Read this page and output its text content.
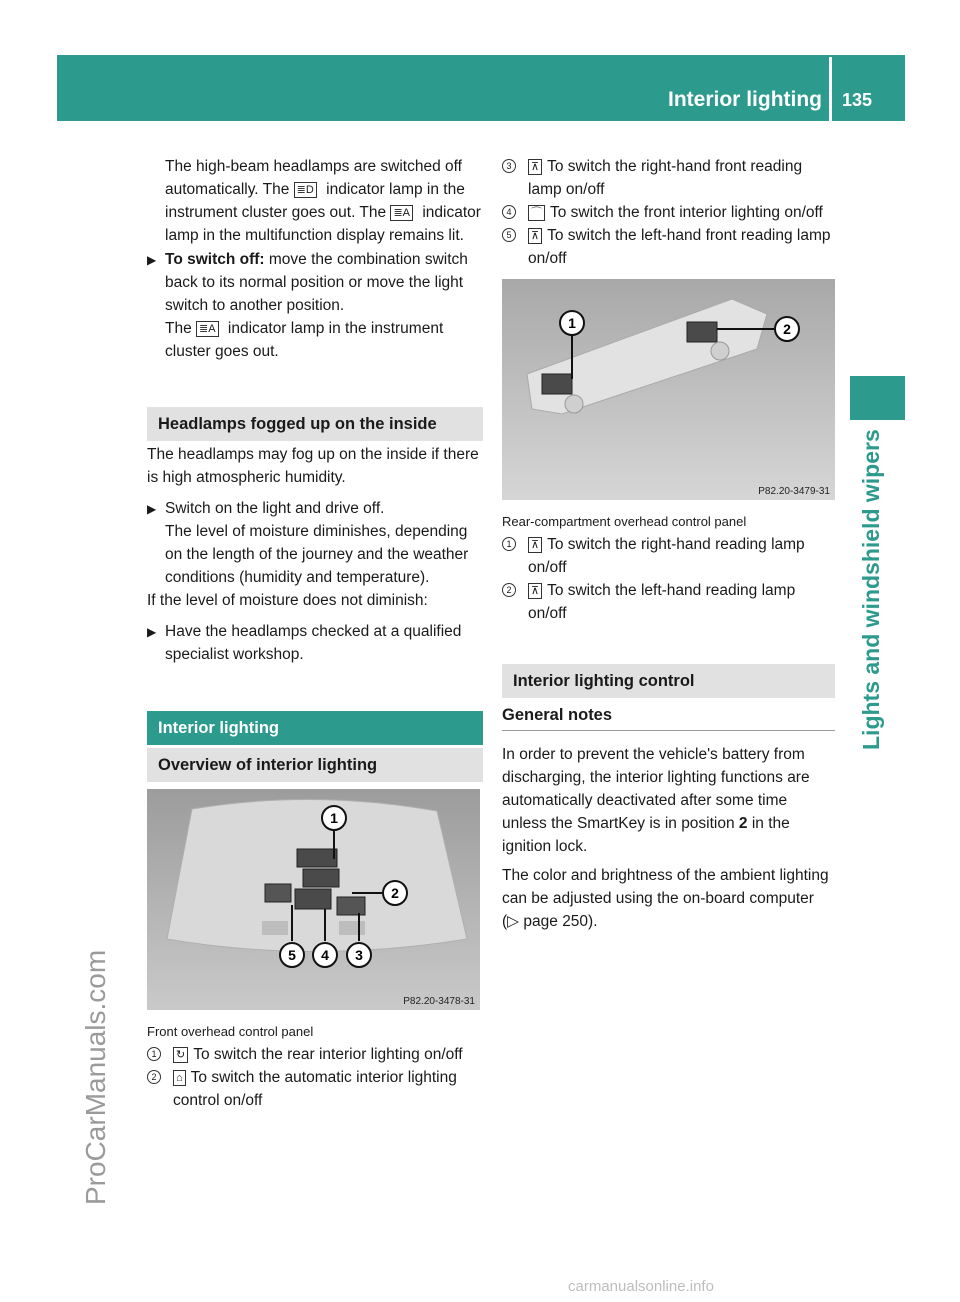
Interior lighting 135
Lights and windshield wipers
ProCarManuals.com

The high-beam headlamps are switched off automatically. The ≣D indicator lamp in the instrument cluster goes out. The ≣A indicator lamp in the multifunction display remains lit.

▶ To switch off: move the combination switch back to its normal position or move the light switch to another position.
The ≣A indicator lamp in the instrument cluster goes out.
Headlamps fogged up on the inside

The headlamps may fog up on the inside if there is high atmospheric humidity.

▶ Switch on the light and drive off.
The level of moisture diminishes, depending on the length of the journey and the weather conditions (humidity and temperature).

If the level of moisture does not diminish:

▶ Have the headlamps checked at a qualified specialist workshop.
Interior lighting
Overview of interior lighting
1
2
5 4 3
P82.20-3478-31

Front overhead control panel

1	↻ To switch the rear interior lighting on/off
2	⌂ To switch the automatic interior lighting control on/off
3	⊼ To switch the right-hand front reading lamp on/off
4	⌒ To switch the front interior lighting on/off
5	⊼ To switch the left-hand front reading lamp on/off
1	2
P82.20-3479-31

Rear-compartment overhead control panel

1	⊼ To switch the right-hand reading lamp on/off
2	⊼ To switch the left-hand reading lamp on/off
Interior lighting control
General notes

In order to prevent the vehicle's battery from discharging, the interior lighting functions are automatically deactivated after some time unless the SmartKey is in position 2 in the ignition lock.

The color and brightness of the ambient lighting can be adjusted using the on-board computer (▷ page 250).

carmanualsonline.info
